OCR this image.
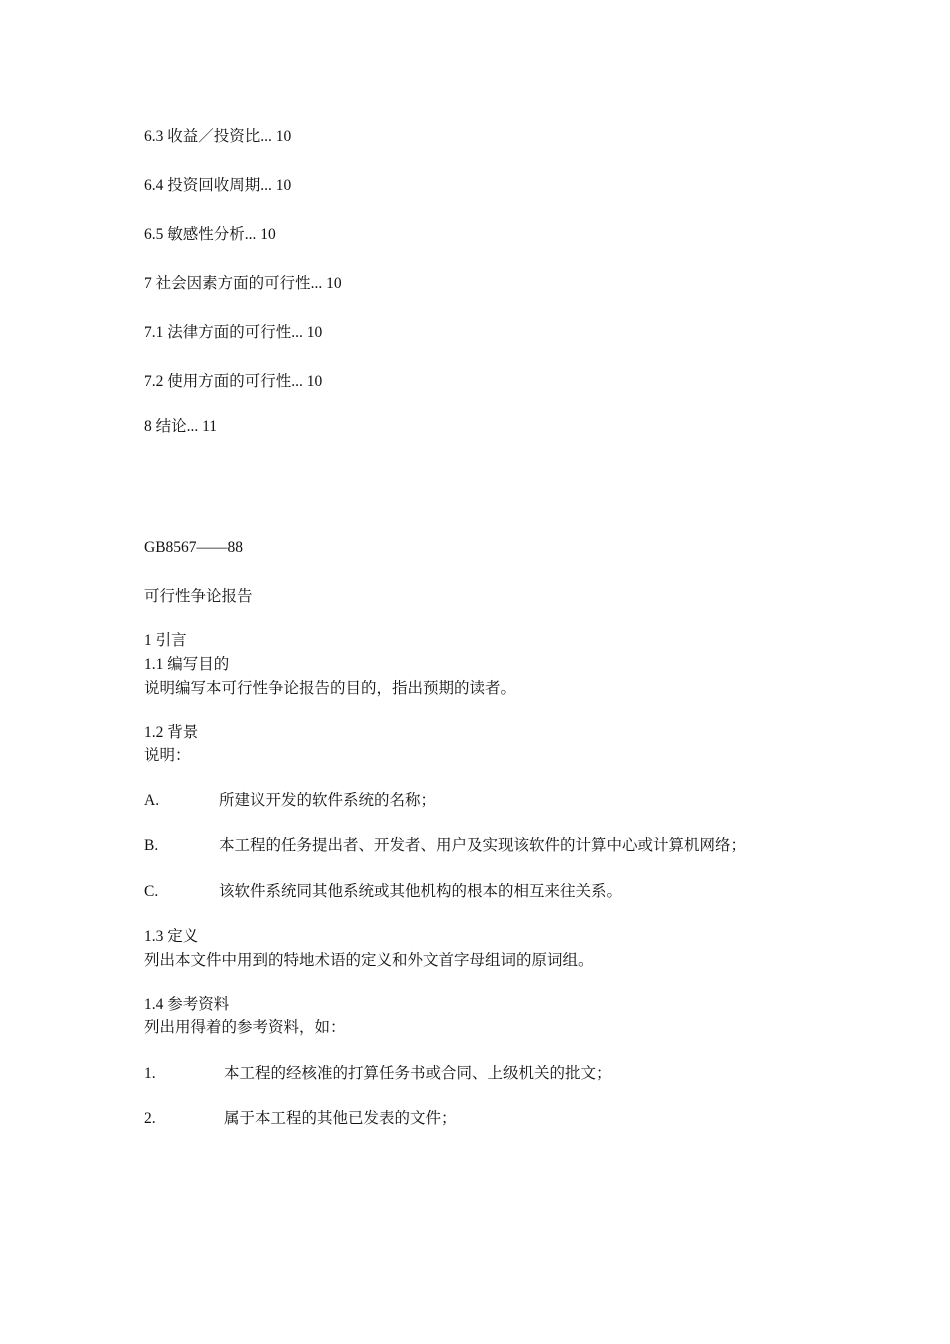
6.3 收益／投资比... 10
6.4 投资回收周期... 10
6.5 敏感性分析... 10
7 社会因素方面的可行性... 10
7.1 法律方面的可行性... 10
7.2 使用方面的可行性... 10
8 结论... 11
GB8567——88
可行性争论报告
1 引言
1.1 编写目的
说明编写本可行性争论报告的目的，指出预期的读者。
1.2 背景
说明：
A.	所建议开发的软件系统的名称；
B.	本工程的任务提出者、开发者、用户及实现该软件的计算中心或计算机网络；
C.	该软件系统同其他系统或其他机构的根本的相互来往关系。
1.3 定义
列出本文件中用到的特地术语的定义和外文首字母组词的原词组。
1.4 参考资料
列出用得着的参考资料，如：
1.	本工程的经核准的打算任务书或合同、上级机关的批文；
2.	属于本工程的其他已发表的文件；
